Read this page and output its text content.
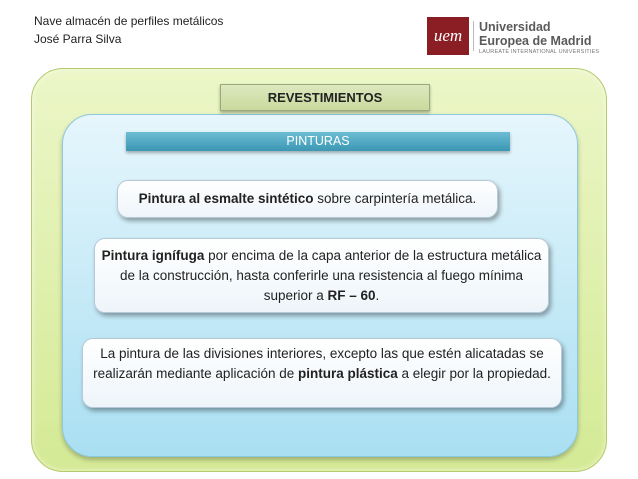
Nave almacén de perfiles metálicos
José Parra Silva	uem	Universidad
Europea de Madrid
LAUREATE INTERNATIONAL UNIVERSITIES
REVESTIMIENTOS
PINTURAS
Pintura al esmalte sintético sobre carpintería metálica.
Pintura ignífuga por encima de la capa anterior de la estructura metálica de la construcción, hasta conferirle una resistencia al fuego mínima superior a RF – 60.
La pintura de las divisiones interiores, excepto las que estén alicatadas se realizarán mediante aplicación de pintura plástica a elegir por la propiedad.
